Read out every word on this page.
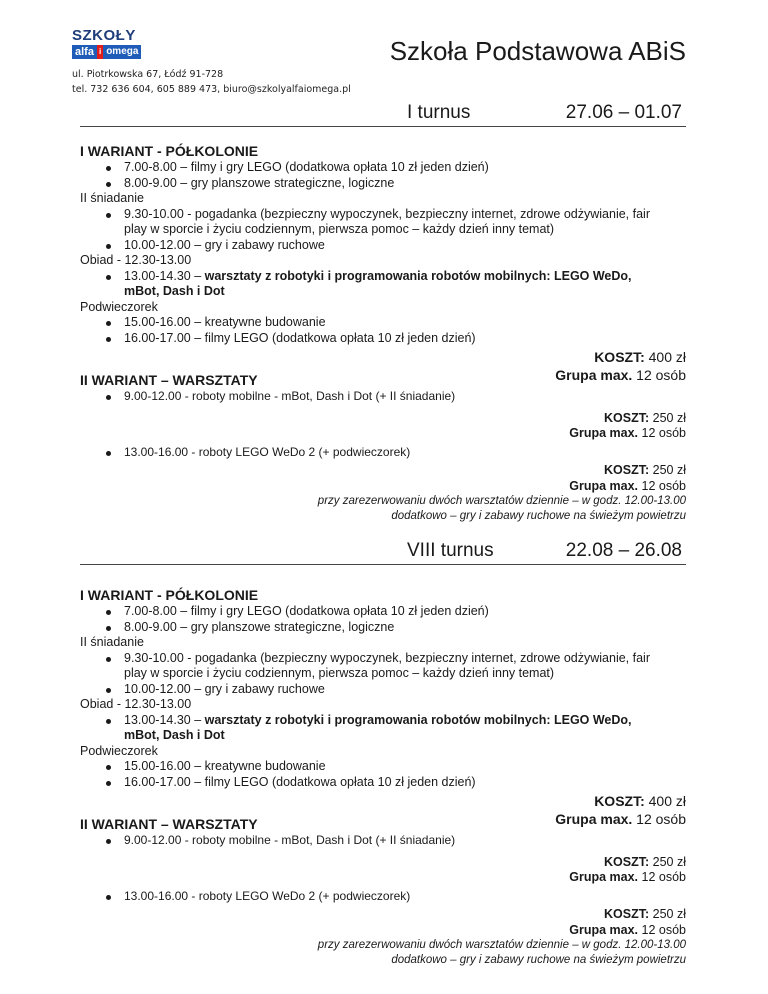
SZKOŁY
alfa i omega	Szkoła Podstawowa ABiS
ul. Piotrkowska 67, Łódź 91-728
tel. 732 636 604, 605 889 473, biuro@szkolyalfaiomega.pl
I turnus	27.06 – 01.07
I WARIANT - PÓŁKOLONIE
7.00-8.00 – filmy i gry LEGO (dodatkowa opłata 10 zł jeden dzień)
8.00-9.00 – gry planszowe strategiczne, logiczne
II śniadanie
9.30-10.00 - pogadanka (bezpieczny wypoczynek, bezpieczny internet, zdrowe odżywianie, fair
play w sporcie i życiu codziennym, pierwsza pomoc – każdy dzień inny temat)
10.00-12.00 – gry i zabawy ruchowe
Obiad - 12.30-13.00
13.00-14.30 – warsztaty z robotyki i programowania robotów mobilnych: LEGO WeDo,
mBot, Dash i Dot
Podwieczorek
15.00-16.00 – kreatywne budowanie
16.00-17.00 – filmy LEGO (dodatkowa opłata 10 zł jeden dzień)
KOSZT: 400 zł
Grupa max. 12 osób
II WARIANT – WARSZTATY
9.00-12.00 - roboty mobilne - mBot, Dash i Dot (+ II śniadanie)
KOSZT: 250 zł
Grupa max. 12 osób
13.00-16.00 - roboty LEGO WeDo 2 (+ podwieczorek)
KOSZT: 250 zł
Grupa max. 12 osób
przy zarezerwowaniu dwóch warsztatów dziennie – w godz. 12.00-13.00
dodatkowo – gry i zabawy ruchowe na świeżym powietrzu
VIII turnus	22.08 – 26.08
I WARIANT - PÓŁKOLONIE
7.00-8.00 – filmy i gry LEGO (dodatkowa opłata 10 zł jeden dzień)
8.00-9.00 – gry planszowe strategiczne, logiczne
II śniadanie
9.30-10.00 - pogadanka (bezpieczny wypoczynek, bezpieczny internet, zdrowe odżywianie, fair
play w sporcie i życiu codziennym, pierwsza pomoc – każdy dzień inny temat)
10.00-12.00 – gry i zabawy ruchowe
Obiad - 12.30-13.00
13.00-14.30 – warsztaty z robotyki i programowania robotów mobilnych: LEGO WeDo,
mBot, Dash i Dot
Podwieczorek
15.00-16.00 – kreatywne budowanie
16.00-17.00 – filmy LEGO (dodatkowa opłata 10 zł jeden dzień)
KOSZT: 400 zł
Grupa max. 12 osób
II WARIANT – WARSZTATY
9.00-12.00 - roboty mobilne - mBot, Dash i Dot (+ II śniadanie)
KOSZT: 250 zł
Grupa max. 12 osób
13.00-16.00 - roboty LEGO WeDo 2 (+ podwieczorek)
KOSZT: 250 zł
Grupa max. 12 osób
przy zarezerwowaniu dwóch warsztatów dziennie – w godz. 12.00-13.00
dodatkowo – gry i zabawy ruchowe na świeżym powietrzu
